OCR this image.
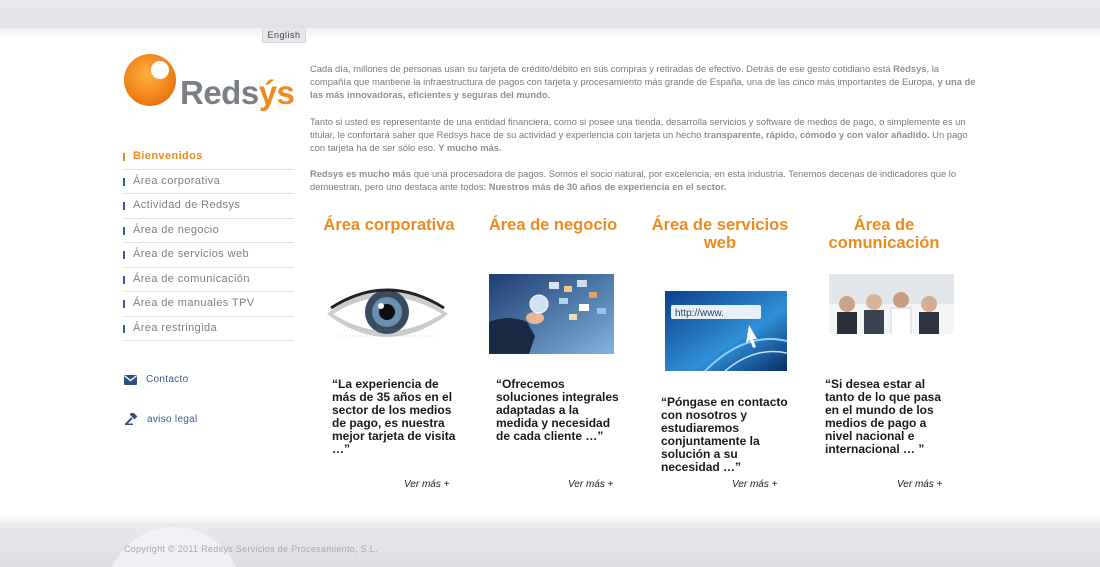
English
Redsýs
Bienvenidos
Área corporativa
Actividad de Redsys
Área de negocio
Área de servicios web
Área de comunicación
Área de manuales TPV
Área restringida
Contacto
aviso legal

Cada día, millones de personas usan su tarjeta de crédito/débito en sus compras y retiradas de efectivo. Detrás de ese gesto cotidiano está Redsys, la compañía que mantiene la infraestructura de pagos con tarjeta y procesamiento más grande de España, una de las cinco más importantes de Europa, y una de las más innovadoras, eficientes y seguras del mundo.

Tanto si usted es representante de una entidad financiera, como si posee una tienda, desarrolla servicios y software de medios de pago, o simplemente es un titular, le confortará saber que Redsys hace de su actividad y experiencia con tarjeta un hecho transparente, rápido, cómodo y con valor añadido. Un pago con tarjeta ha de ser sólo eso. Y mucho más.

Redsys es mucho más que una procesadora de pagos. Somos el socio natural, por excelencia, en esta industria. Tenemos decenas de indicadores que lo demuestran, pero uno destaca ante todos: Nuestros más de 30 años de experiencia en el sector.

Área corporativa
“La experiencia de más de 35 años en el sector de los medios de pago, es nuestra mejor tarjeta de visita …”
Ver más +
Área de negocio
“Ofrecemos soluciones integrales adaptadas a la medida y necesidad de cada cliente …”
Ver más +
Área de servicios web
http://www.
“Póngase en contacto con nosotros y estudiaremos conjuntamente la solución a su necesidad …”
Ver más +
Área de comunicación
“Si desea estar al tanto de lo que pasa en el mundo de los medios de pago a nivel nacional e internacional … ”
Ver más +
Copyright © 2011 Redsys Servicios de Procesamiento, S.L.
